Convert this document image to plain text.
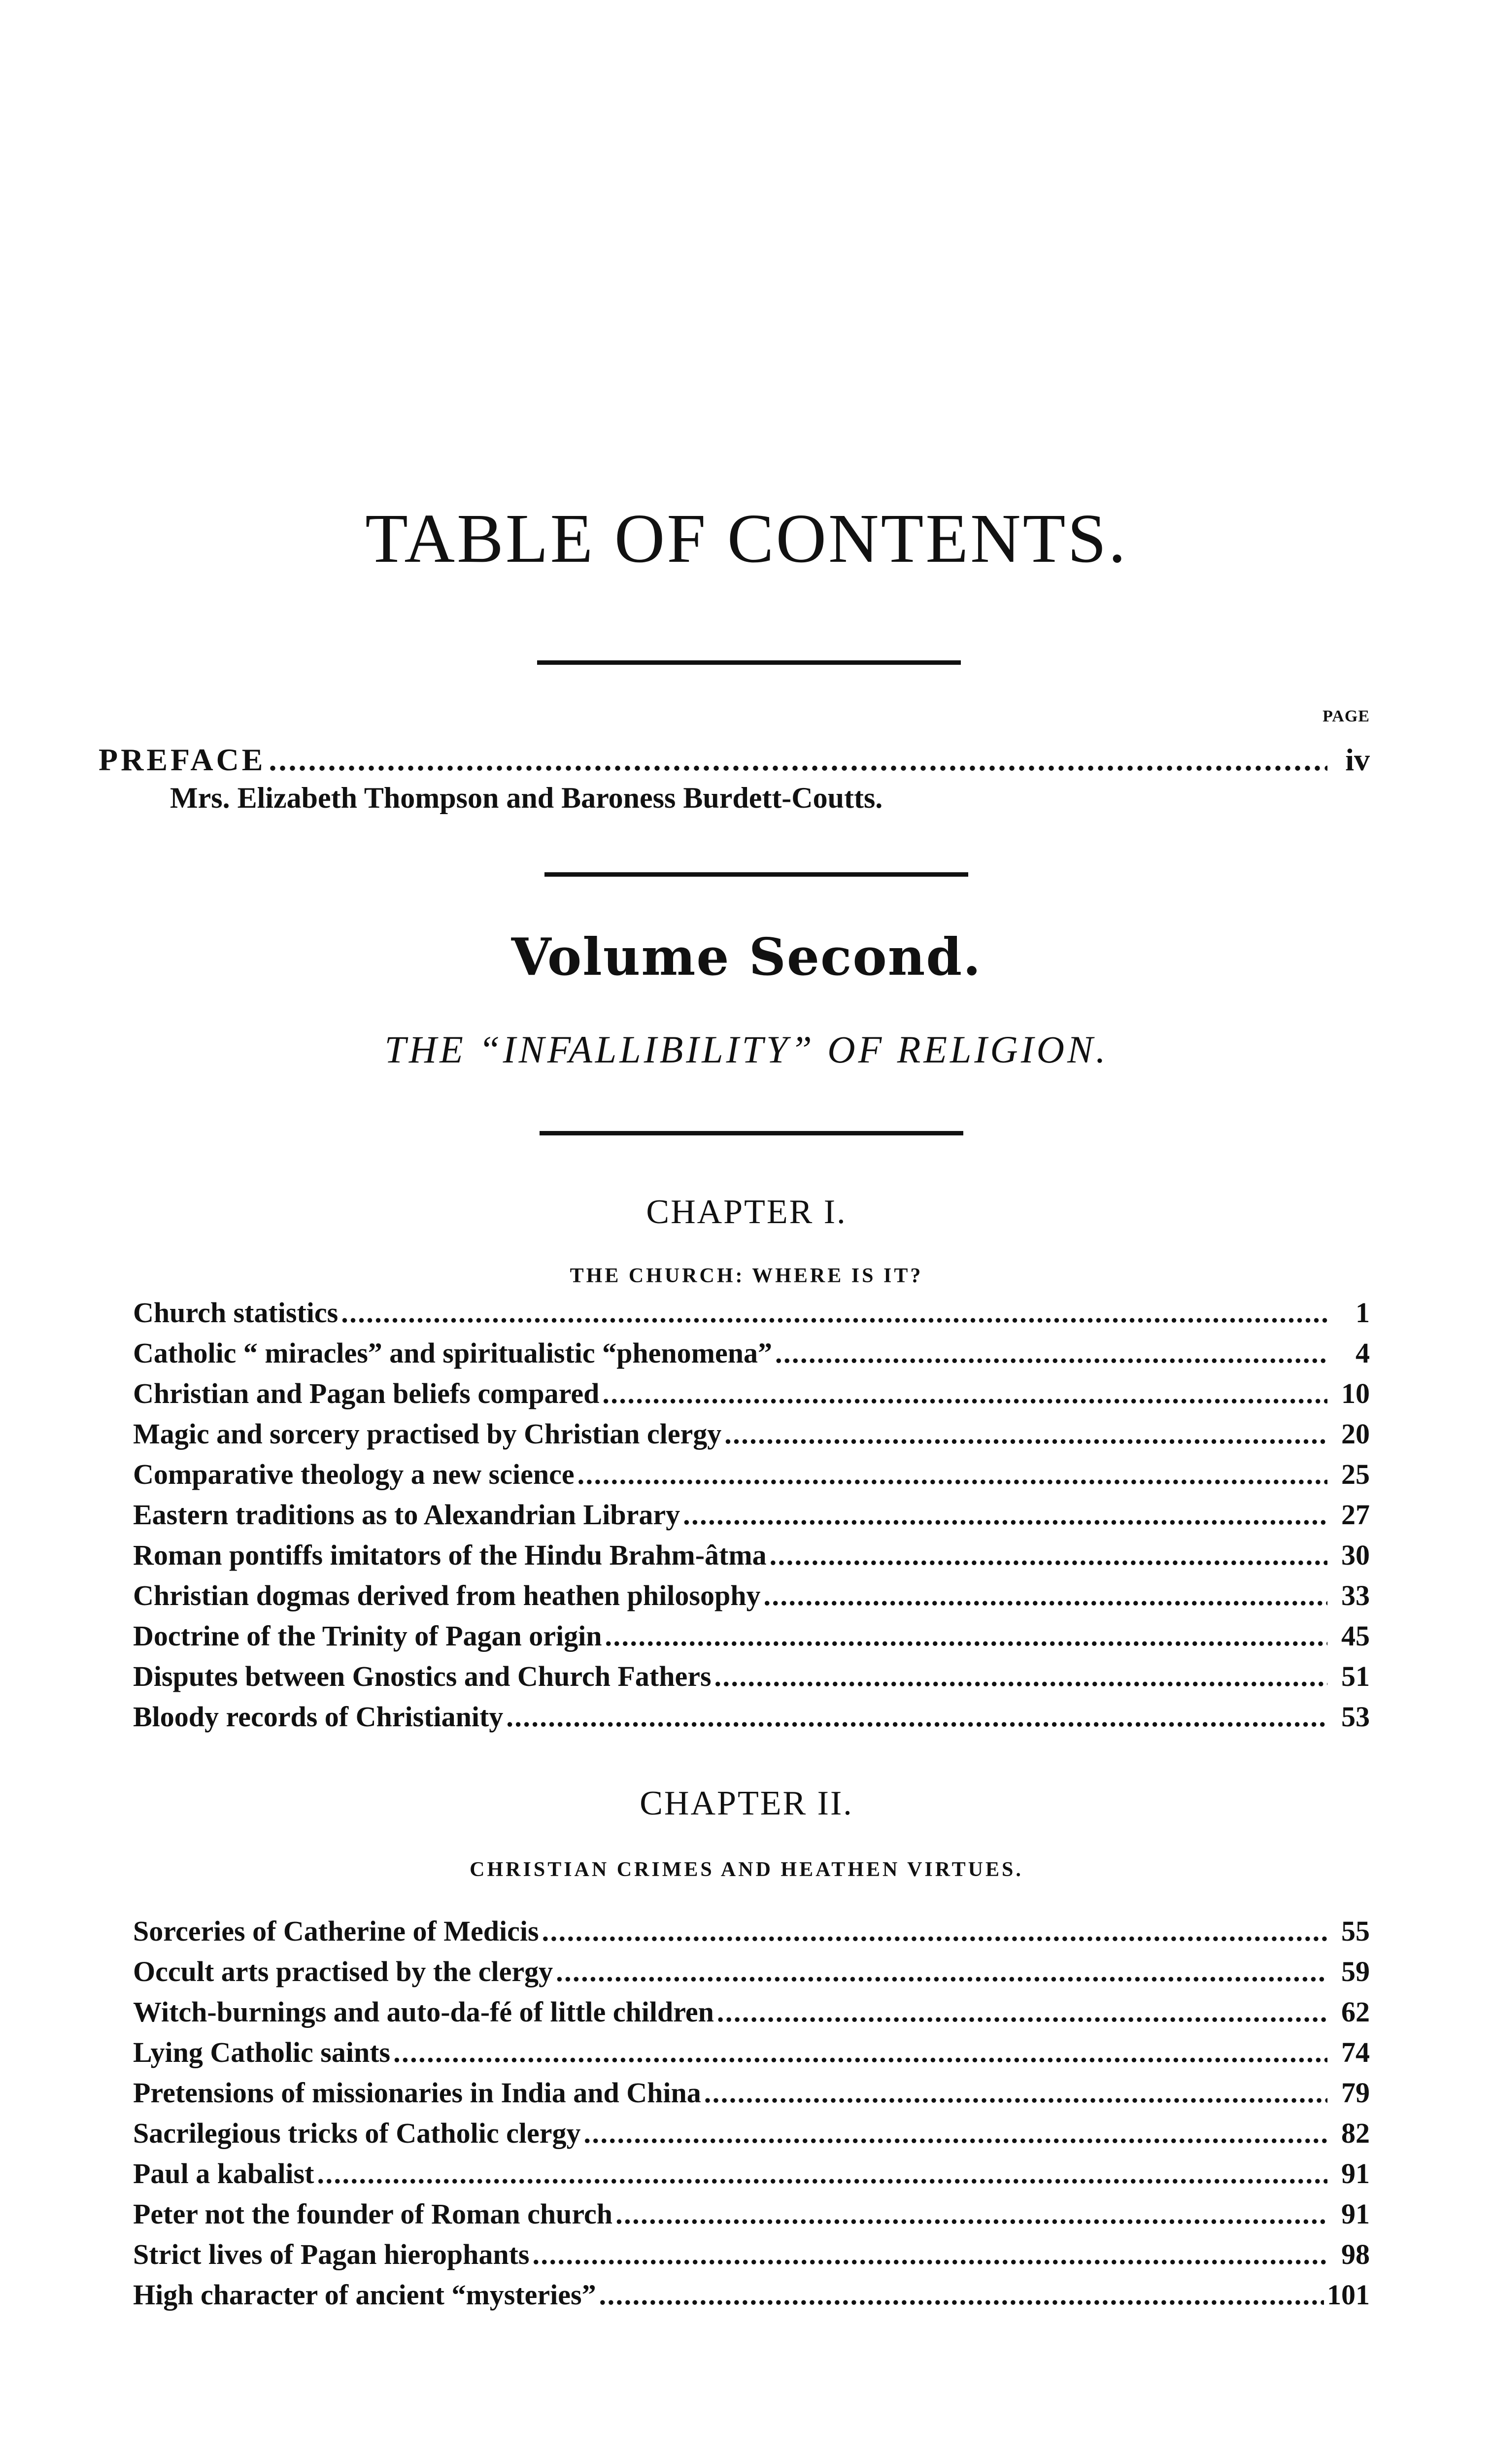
TABLE OF CONTENTS.
PAGE
PREFACE . . .	iv
Mrs. Elizabeth Thompson and Baroness Burdett-Coutts.
Volume Second.
THE “INFALLIBILITY” OF RELIGION.
CHAPTER I.
THE CHURCH: WHERE IS IT?
Church statistics . . .	1
Catholic “ miracles” and spiritualistic “phenomena” . . .	4
Christian and Pagan beliefs compared . . .	10
Magic and sorcery practised by Christian clergy . . .	20
Comparative theology a new science . . .	25
Eastern traditions as to Alexandrian Library . . .	27
Roman pontiffs imitators of the Hindu Brahm-âtma . . .	30
Christian dogmas derived from heathen philosophy . . .	33
Doctrine of the Trinity of Pagan origin . . .	45
Disputes between Gnostics and Church Fathers . . .	51
Bloody records of Christianity . . .	53
CHAPTER II.
CHRISTIAN CRIMES AND HEATHEN VIRTUES.
Sorceries of Catherine of Medicis . . .	55
Occult arts practised by the clergy . . .	59
Witch-burnings and auto-da-fé of little children . . .	62
Lying Catholic saints . . .	74
Pretensions of missionaries in India and China . . .	79
Sacrilegious tricks of Catholic clergy . . .	82
Paul a kabalist . . .	91
Peter not the founder of Roman church . . .	91
Strict lives of Pagan hierophants . . .	98
High character of ancient “mysteries” . . .	101
